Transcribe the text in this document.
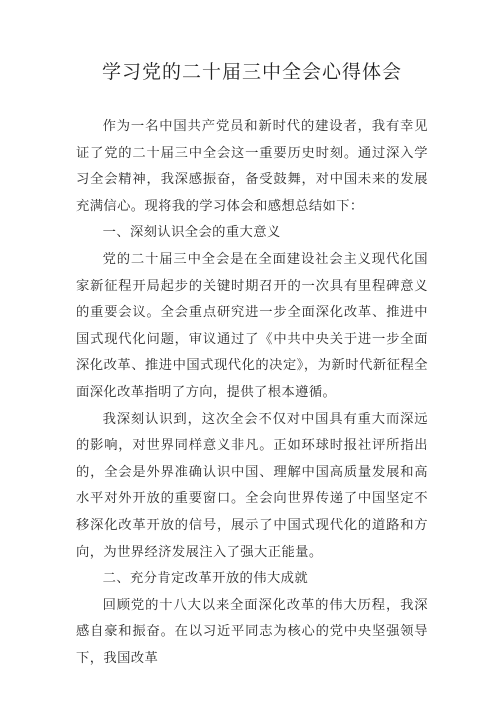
学习党的二十届三中全会心得体会

作为一名中国共产党员和新时代的建设者，我有幸见证了党的二十届三中全会这一重要历史时刻。通过深入学习全会精神，我深感振奋，备受鼓舞，对中国未来的发展充满信心。现将我的学习体会和感想总结如下：

一、深刻认识全会的重大意义

党的二十届三中全会是在全面建设社会主义现代化国家新征程开局起步的关键时期召开的一次具有里程碑意义的重要会议。全会重点研究进一步全面深化改革、推进中国式现代化问题，审议通过了《中共中央关于进一步全面深化改革、推进中国式现代化的决定》，为新时代新征程全面深化改革指明了方向，提供了根本遵循。

我深刻认识到，这次全会不仅对中国具有重大而深远的影响，对世界同样意义非凡。正如环球时报社评所指出的，全会是外界准确认识中国、理解中国高质量发展和高水平对外开放的重要窗口。全会向世界传递了中国坚定不移深化改革开放的信号，展示了中国式现代化的道路和方向，为世界经济发展注入了强大正能量。

二、充分肯定改革开放的伟大成就

回顾党的十八大以来全面深化改革的伟大历程，我深感自豪和振奋。在以习近平同志为核心的党中央坚强领导下，我国改革
